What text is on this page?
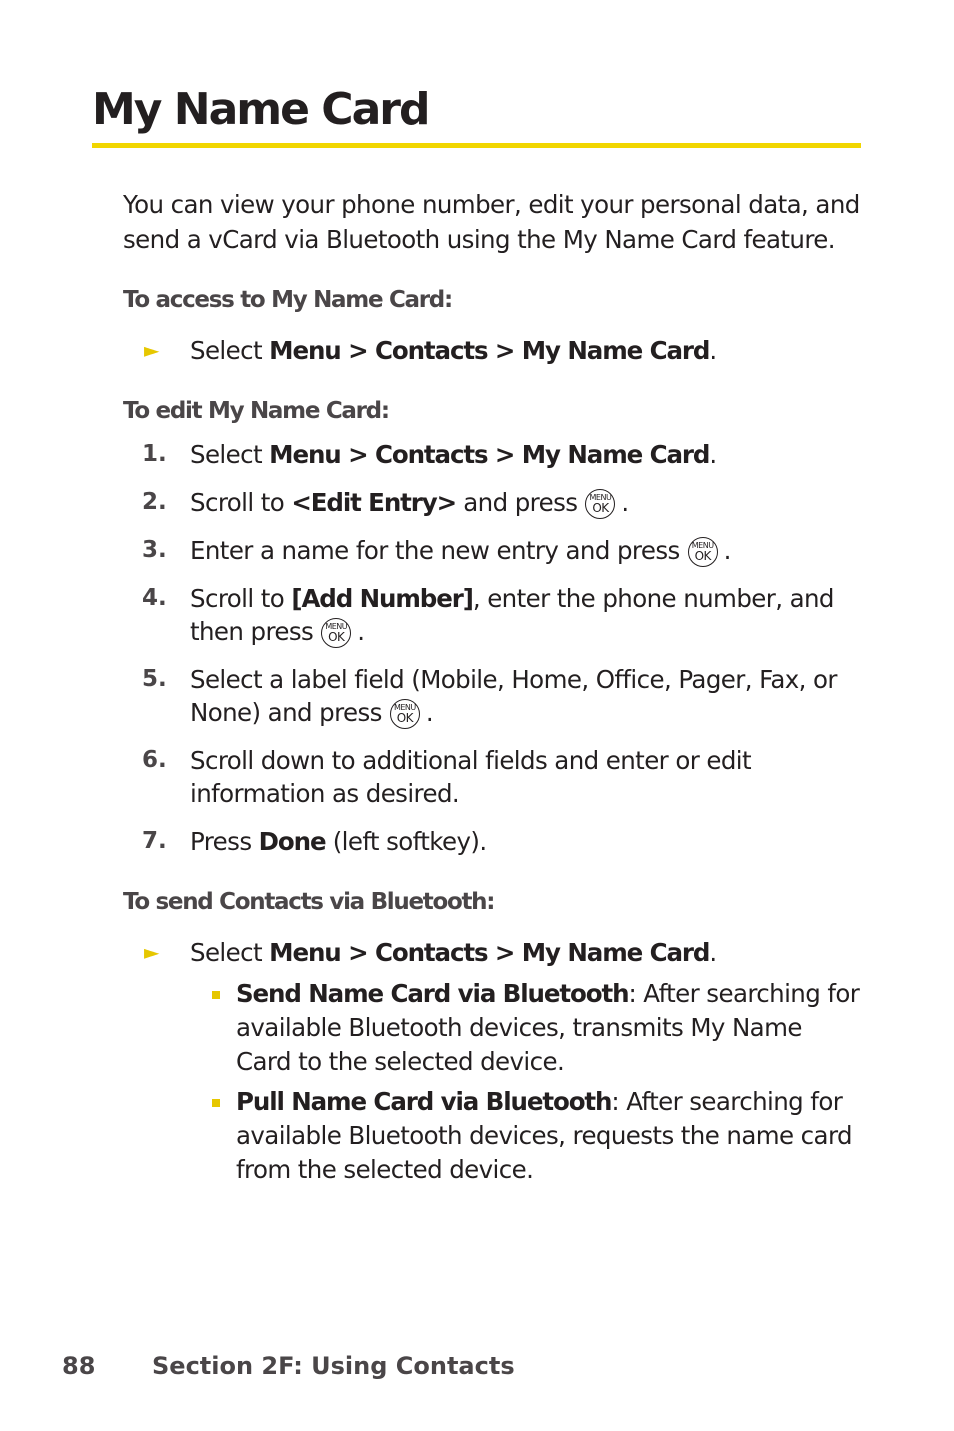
My Name Card

You can view your phone number, edit your personal data, and send a vCard via Bluetooth using the My Name Card feature.

To access to My Name Card:

► Select Menu > Contacts > My Name Card.

To edit My Name Card:

1. Select Menu > Contacts > My Name Card.

2. Scroll to <Edit Entry> and press MENU
OK .

3. Enter a name for the new entry and press MENU
OK .

4. Scroll to [Add Number], enter the phone number, and
then press MENU
OK .

5. Select a label field (Mobile, Home, Office, Pager, Fax, or
None) and press MENU
OK .

6. Scroll down to additional fields and enter or edit
information as desired.

7. Press Done (left softkey).

To send Contacts via Bluetooth:

► Select Menu > Contacts > My Name Card.

Send Name Card via Bluetooth: After searching for
available Bluetooth devices, transmits My Name
Card to the selected device.

Pull Name Card via Bluetooth: After searching for
available Bluetooth devices, requests the name card
from the selected device.

88 Section 2F: Using Contacts
